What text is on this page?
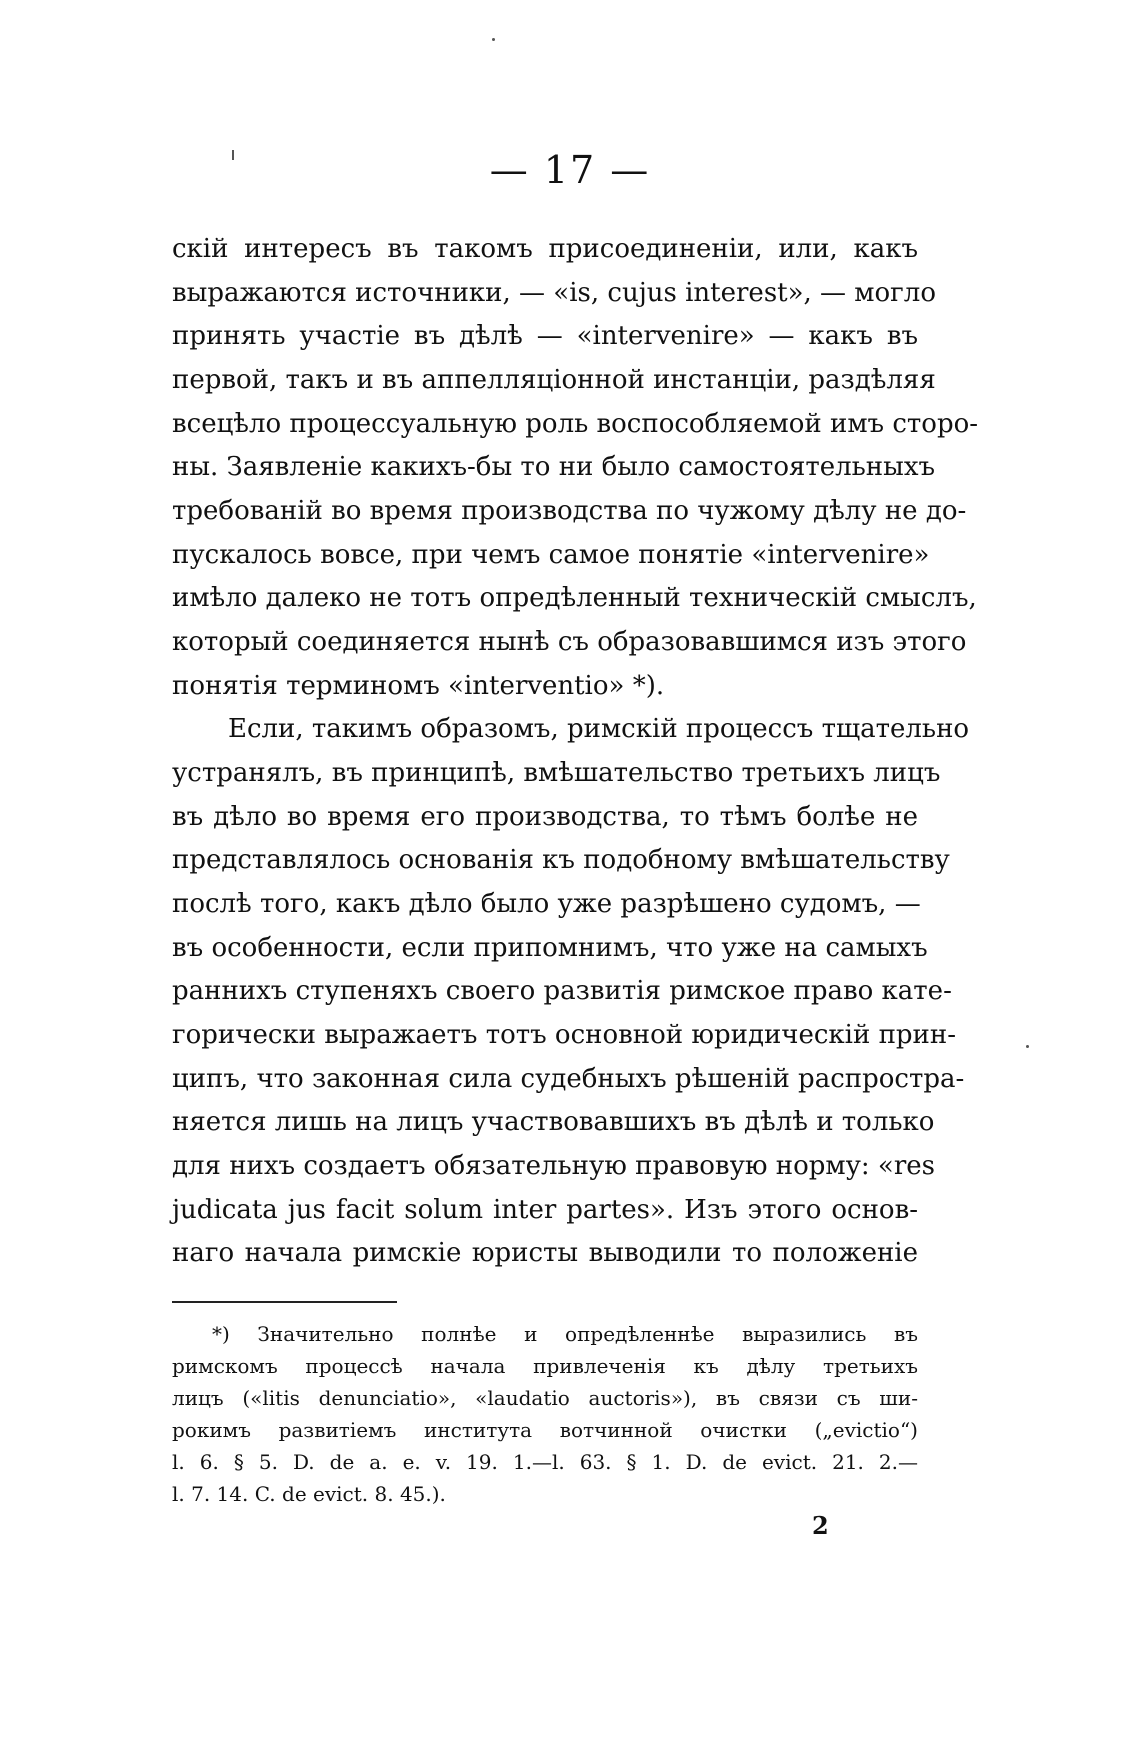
— 17 —
скій интересъ въ такомъ присоединеніи, или, какъ
выражаются источники, — «is, cujus interest», — могло
принять участіе въ дѣлѣ — «intervenire» — какъ въ
первой, такъ и въ аппелляціонной инстанціи, раздѣляя
всецѣло процессуальную роль воспособляемой имъ сторо-
ны. Заявленіе какихъ-бы то ни было самостоятельныхъ
требованій во время производства по чужому дѣлу не до-
пускалось вовсе, при чемъ самое понятіе «intervenire»
имѣло далеко не тотъ опредѣленный техническій смыслъ,
который соединяется нынѣ съ образовавшимся изъ этого
понятія терминомъ «interventio» *).
Если, такимъ образомъ, римскій процессъ тщательно
устранялъ, въ принципѣ, вмѣшательство третьихъ лицъ
въ дѣло во время его производства, то тѣмъ болѣе не
представлялось основанія къ подобному вмѣшательству
послѣ того, какъ дѣло было уже разрѣшено судомъ, —
въ особенности, если припомнимъ, что уже на самыхъ
раннихъ ступеняхъ своего развитія римское право кате-
горически выражаетъ тотъ основной юридическій прин-
ципъ, что законная сила судебныхъ рѣшеній распростра-
няется лишь на лицъ участвовавшихъ въ дѣлѣ и только
для нихъ создаетъ обязательную правовую норму: «res
judicata jus facit solum inter partes». Изъ этого основ-
наго начала римскіе юристы выводили то положеніе
*) Значительно полнѣе и опредѣленнѣе выразились въ
римскомъ процессѣ начала привлеченія къ дѣлу третьихъ
лицъ («litis denunciatio», «laudatio auctoris»), въ связи съ ши-
рокимъ развитіемъ института вотчинной очистки („evictio“)
l. 6. § 5. D. de a. e. v. 19. 1.—l. 63. § 1. D. de evict. 21. 2.—
l. 7. 14. C. de evict. 8. 45.).
2
